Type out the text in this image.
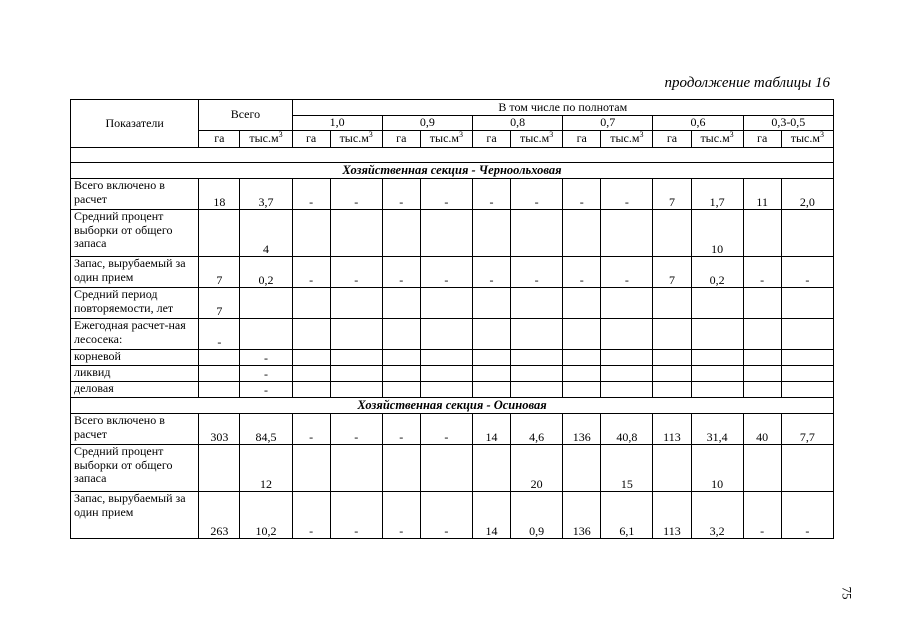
продолжение таблицы 16
Показатели	Всего		В том числе по полнотам											
			1,0		0,9		0,8		0,7		0,6		0,3-0,5	
	га	$тыс.м^3$	га	$тыс.м^3$	га	$тыс.м^3$	га	$тыс.м^3$	га	$тыс.м^3$	га	$тыс.м^3$	га	$тыс.м^3$

Хозяйственная секция - Черноольховая														
Всего включено в расчет	18	3,7	-	-	-	-	-	-	-	-	7	1,7	11	2,0
Средний процент выборки от общего запаса		4										10		
Запас, вырубаемый за один прием	7	0,2	-	-	-	-	-	-	-	-	7	0,2	-	-
Средний период повторяемости, лет	7													
Ежегодная расчет-ная лесосека:	-													
корневой		-												
ликвид		-												
деловая		-												
Хозяйственная секция - Осиновая														
Всего включено в расчет	303	84,5	-	-	-	-	14	4,6	136	40,8	113	31,4	40	7,7
Средний процент выборки от общего запаса		12						20		15		10		
Запас, вырубаемый за один прием	263	10,2	-	-	-	-	14	0,9	136	6,1	113	3,2	-	-
75
